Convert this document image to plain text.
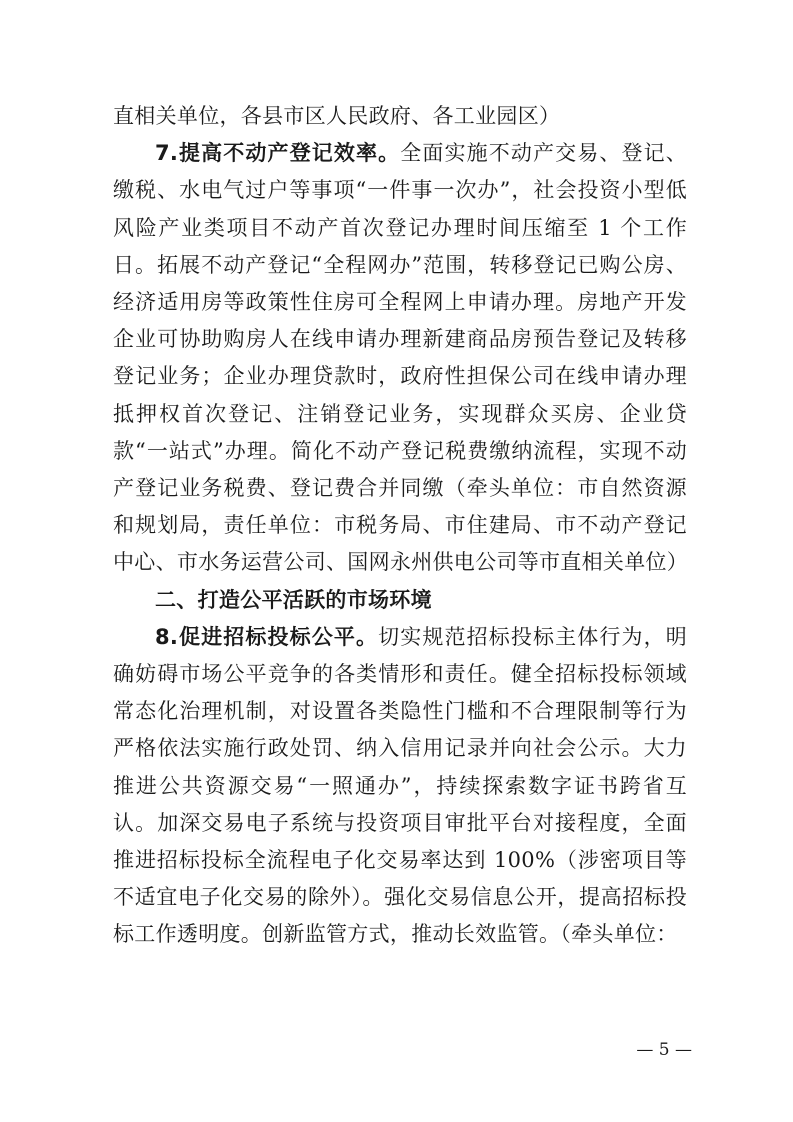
直相关单位，各县市区人民政府、各工业园区）

7.提高不动产登记效率。全面实施不动产交易、登记、缴税、水电气过户等事项“一件事一次办”，社会投资小型低风险产业类项目不动产首次登记办理时间压缩至 1 个工作日。拓展不动产登记“全程网办”范围，转移登记已购公房、经济适用房等政策性住房可全程网上申请办理。房地产开发企业可协助购房人在线申请办理新建商品房预告登记及转移登记业务；企业办理贷款时，政府性担保公司在线申请办理抵押权首次登记、注销登记业务，实现群众买房、企业贷款“一站式”办理。简化不动产登记税费缴纳流程，实现不动产登记业务税费、登记费合并同缴（牵头单位：市自然资源和规划局，责任单位：市税务局、市住建局、市不动产登记中心、市水务运营公司、国网永州供电公司等市直相关单位）

二、打造公平活跃的市场环境

8.促进招标投标公平。切实规范招标投标主体行为，明确妨碍市场公平竞争的各类情形和责任。健全招标投标领域常态化治理机制，对设置各类隐性门槛和不合理限制等行为严格依法实施行政处罚、纳入信用记录并向社会公示。大力推进公共资源交易“一照通办”，持续探索数字证书跨省互认。加深交易电子系统与投资项目审批平台对接程度，全面推进招标投标全流程电子化交易率达到 100%（涉密项目等不适宜电子化交易的除外）。强化交易信息公开，提高招标投标工作透明度。创新监管方式，推动长效监管。（牵头单位：

— 5 —
